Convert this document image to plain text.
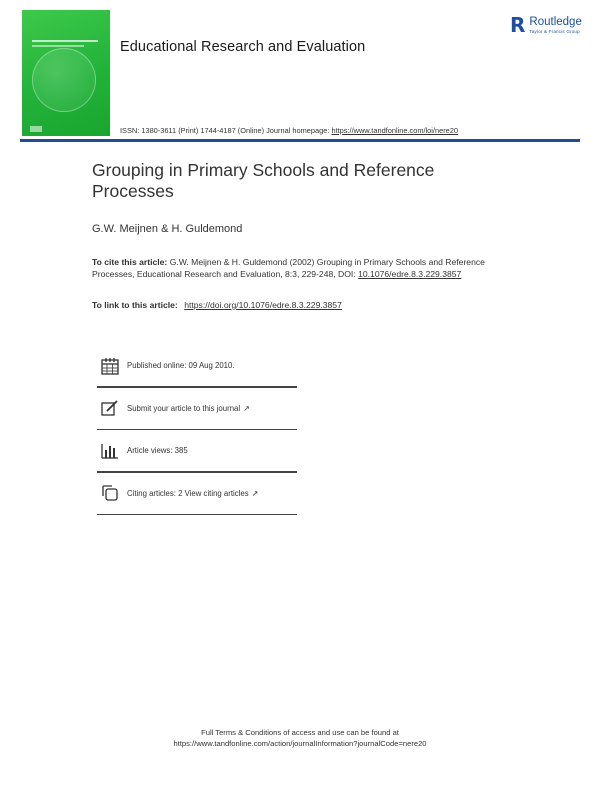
Educational Research and Evaluation
R Routledge
Taylor & Francis Group
ISSN: 1380-3611 (Print) 1744-4187 (Online) Journal homepage: https://www.tandfonline.com/loi/nere20
Grouping in Primary Schools and Reference Processes
G.W. Meijnen & H. Guldemond
To cite this article: G.W. Meijnen & H. Guldemond (2002) Grouping in Primary Schools and Reference Processes, Educational Research and Evaluation, 8:3, 229-248, DOI: 10.1076/edre.8.3.229.3857
To link to this article: https://doi.org/10.1076/edre.8.3.229.3857
Published online: 09 Aug 2010.
Submit your article to this journal ↗
Article views: 385
Citing articles: 2 View citing articles ↗
Full Terms & Conditions of access and use can be found at
https://www.tandfonline.com/action/journalInformation?journalCode=nere20
